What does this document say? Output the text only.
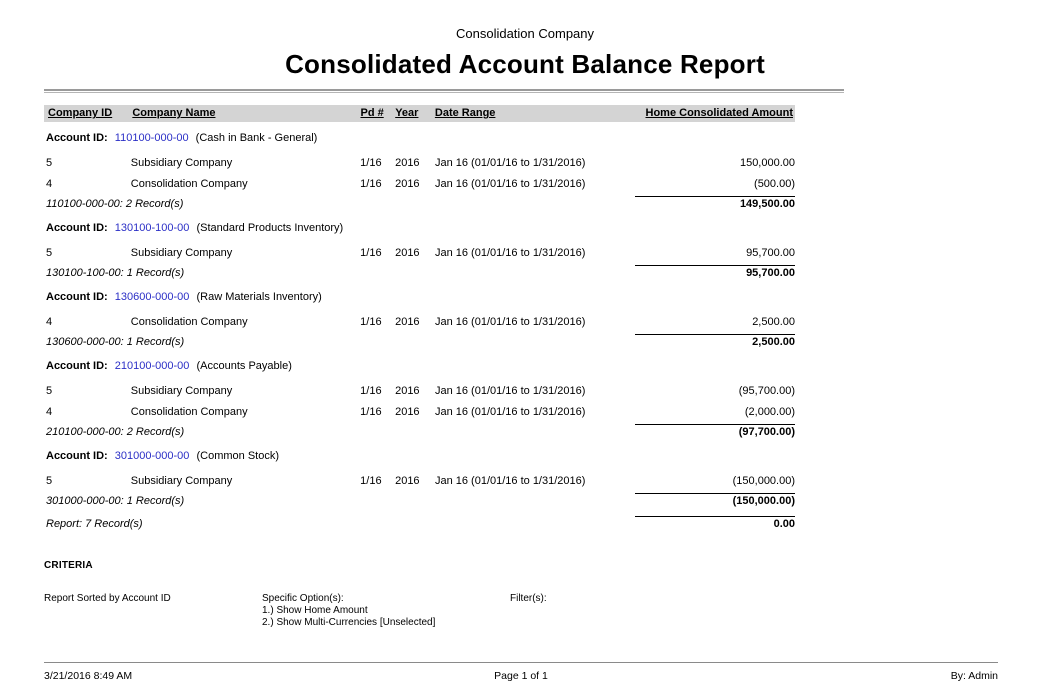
Consolidation Company
Consolidated Account Balance Report
Company ID	Company Name	Pd #	Year	Date Range	Home Consolidated Amount
Account ID: 110100-000-00 (Cash in Bank - General)
5	Subsidiary Company	1/16	2016	Jan 16 (01/01/16 to 1/31/2016)	150,000.00
4	Consolidation Company	1/16	2016	Jan 16 (01/01/16 to 1/31/2016)	(500.00)
110100-000-00: 2 Record(s)	149,500.00
Account ID: 130100-100-00 (Standard Products Inventory)
5	Subsidiary Company	1/16	2016	Jan 16 (01/01/16 to 1/31/2016)	95,700.00
130100-100-00: 1 Record(s)	95,700.00
Account ID: 130600-000-00 (Raw Materials Inventory)
4	Consolidation Company	1/16	2016	Jan 16 (01/01/16 to 1/31/2016)	2,500.00
130600-000-00: 1 Record(s)	2,500.00
Account ID: 210100-000-00 (Accounts Payable)
5	Subsidiary Company	1/16	2016	Jan 16 (01/01/16 to 1/31/2016)	(95,700.00)
4	Consolidation Company	1/16	2016	Jan 16 (01/01/16 to 1/31/2016)	(2,000.00)
210100-000-00: 2 Record(s)	(97,700.00)
Account ID: 301000-000-00 (Common Stock)
5	Subsidiary Company	1/16	2016	Jan 16 (01/01/16 to 1/31/2016)	(150,000.00)
301000-000-00: 1 Record(s)	(150,000.00)
Report: 7 Record(s)	0.00
CRITERIA
Report Sorted by Account ID	Specific Option(s):
1.) Show Home Amount
2.) Show Multi-Currencies [Unselected]
Filter(s):
3/21/2016 8:49 AM	Page 1 of 1	By: Admin
